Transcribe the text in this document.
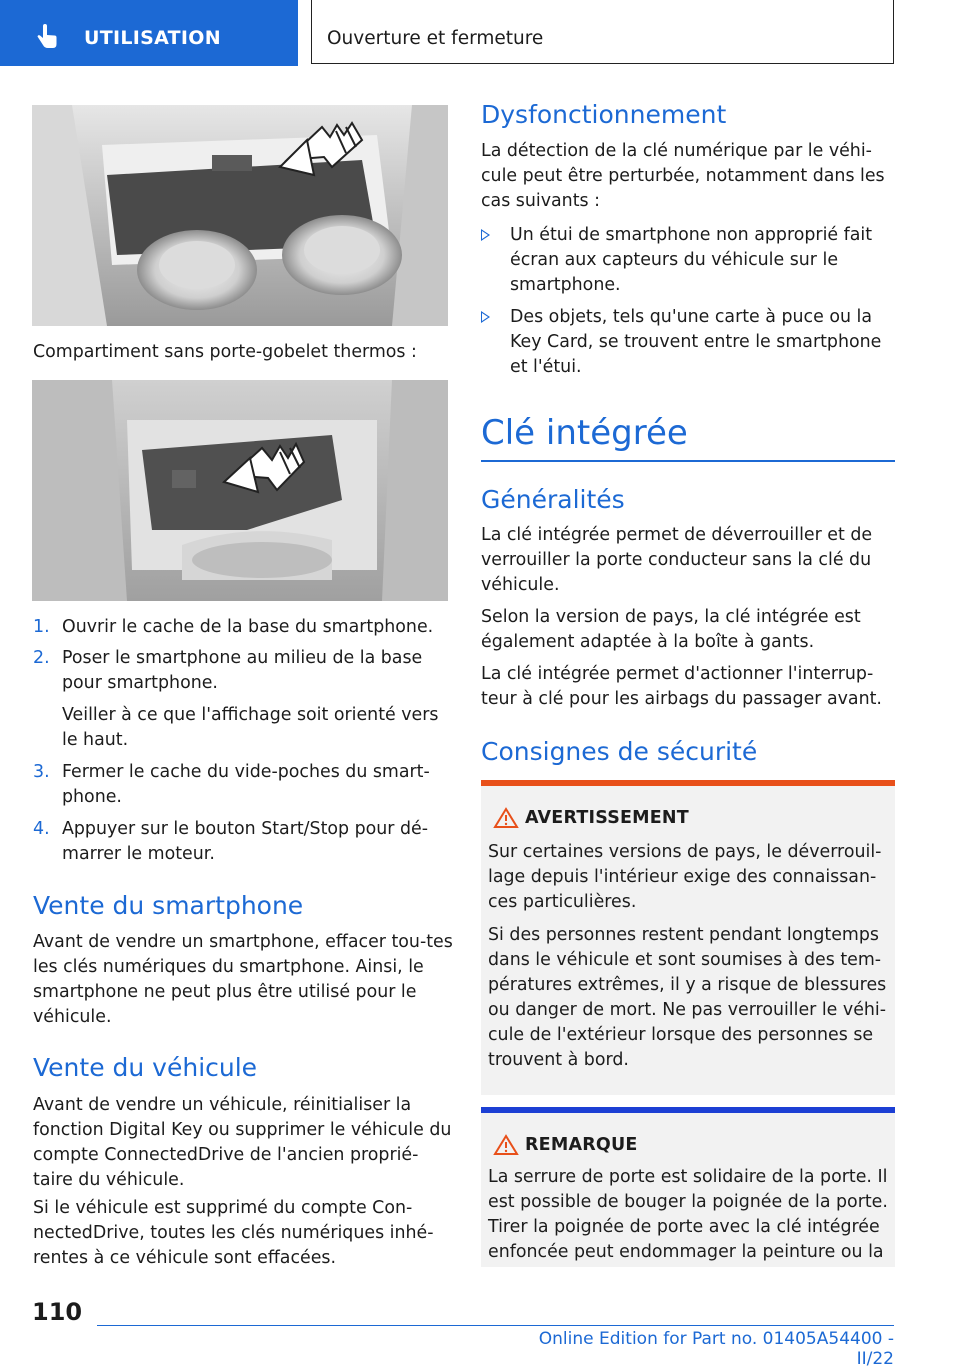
UTILISATION	Ouverture et fermeture
Compartiment sans porte-gobelet thermos :
1. Ouvrir le cache de la base du smartphone.
2. Poser le smartphone au milieu de la base pour smartphone.
Veiller à ce que l'affichage soit orienté vers le haut.
3. Fermer le cache du vide-poches du smart-phone.
4. Appuyer sur le bouton Start/Stop pour dé-marrer le moteur.
Vente du smartphone
Avant de vendre un smartphone, effacer tou-tes les clés numériques du smartphone. Ainsi, le smartphone ne peut plus être utilisé pour le véhicule.
Vente du véhicule
Avant de vendre un véhicule, réinitialiser la fonction Digital Key ou supprimer le véhicule du compte ConnectedDrive de l'ancien proprié-taire du véhicule.
Si le véhicule est supprimé du compte Con-nectedDrive, toutes les clés numériques inhé-rentes à ce véhicule sont effacées.
Dysfonctionnement
La détection de la clé numérique par le véhi-cule peut être perturbée, notamment dans les cas suivants :
Un étui de smartphone non approprié fait écran aux capteurs du véhicule sur le smartphone.
Des objets, tels qu'une carte à puce ou la Key Card, se trouvent entre le smartphone et l'étui.
Clé intégrée
Généralités
La clé intégrée permet de déverrouiller et de verrouiller la porte conducteur sans la clé du véhicule.
Selon la version de pays, la clé intégrée est également adaptée à la boîte à gants.
La clé intégrée permet d'actionner l'interrup-teur à clé pour les airbags du passager avant.
Consignes de sécurité
AVERTISSEMENT
Sur certaines versions de pays, le déverrouil-lage depuis l'intérieur exige des connaissan-ces particulières.
Si des personnes restent pendant longtemps dans le véhicule et sont soumises à des tem-pératures extrêmes, il y a risque de blessures ou danger de mort. Ne pas verrouiller le véhi-cule de l'extérieur lorsque des personnes se trouvent à bord.
REMARQUE
La serrure de porte est solidaire de la porte. Il est possible de bouger la poignée de la porte. Tirer la poignée de porte avec la clé intégrée enfoncée peut endommager la peinture ou la
110
Online Edition for Part no. 01405A54400 - II/22
